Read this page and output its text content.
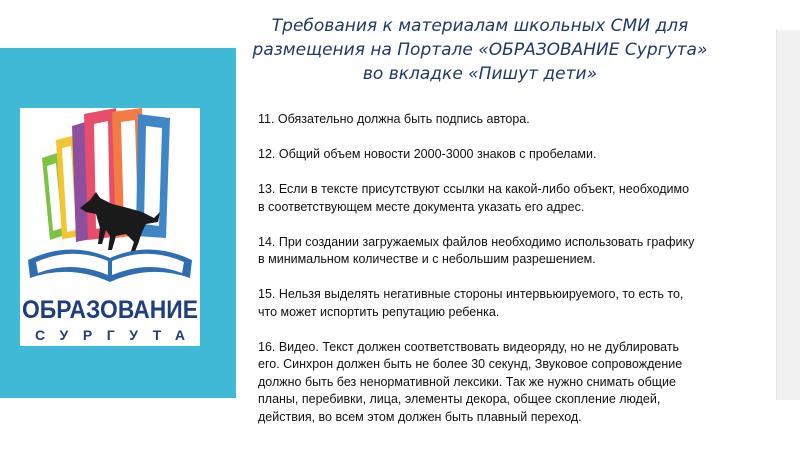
ОБРАЗОВАНИЕ
СУРГУТА
Требования к материалам школьных СМИ для
размещения на Портале «ОБРАЗОВАНИЕ Сургута»
во вкладке «Пишут дети»
11. Обязательно должна быть подпись автора.
12. Общий объем новости 2000-3000 знаков с пробелами.
13. Если в тексте присутствуют ссылки на какой-либо объект, необходимо
в соответствующем месте документа указать его адрес.
14. При создании загружаемых файлов необходимо использовать графику
в минимальном количестве и с небольшим разрешением.
15. Нельзя выделять негативные стороны интервьюируемого, то есть то,
что может испортить репутацию ребенка.
16. Видео. Текст должен соответствовать видеоряду, но не дублировать
его. Синхрон должен быть не более 30 секунд, Звуковое сопровождение
должно быть без ненормативной лексики. Так же нужно снимать общие
планы, перебивки, лица, элементы декора, общее скопление людей,
действия, во всем этом должен быть плавный переход.
